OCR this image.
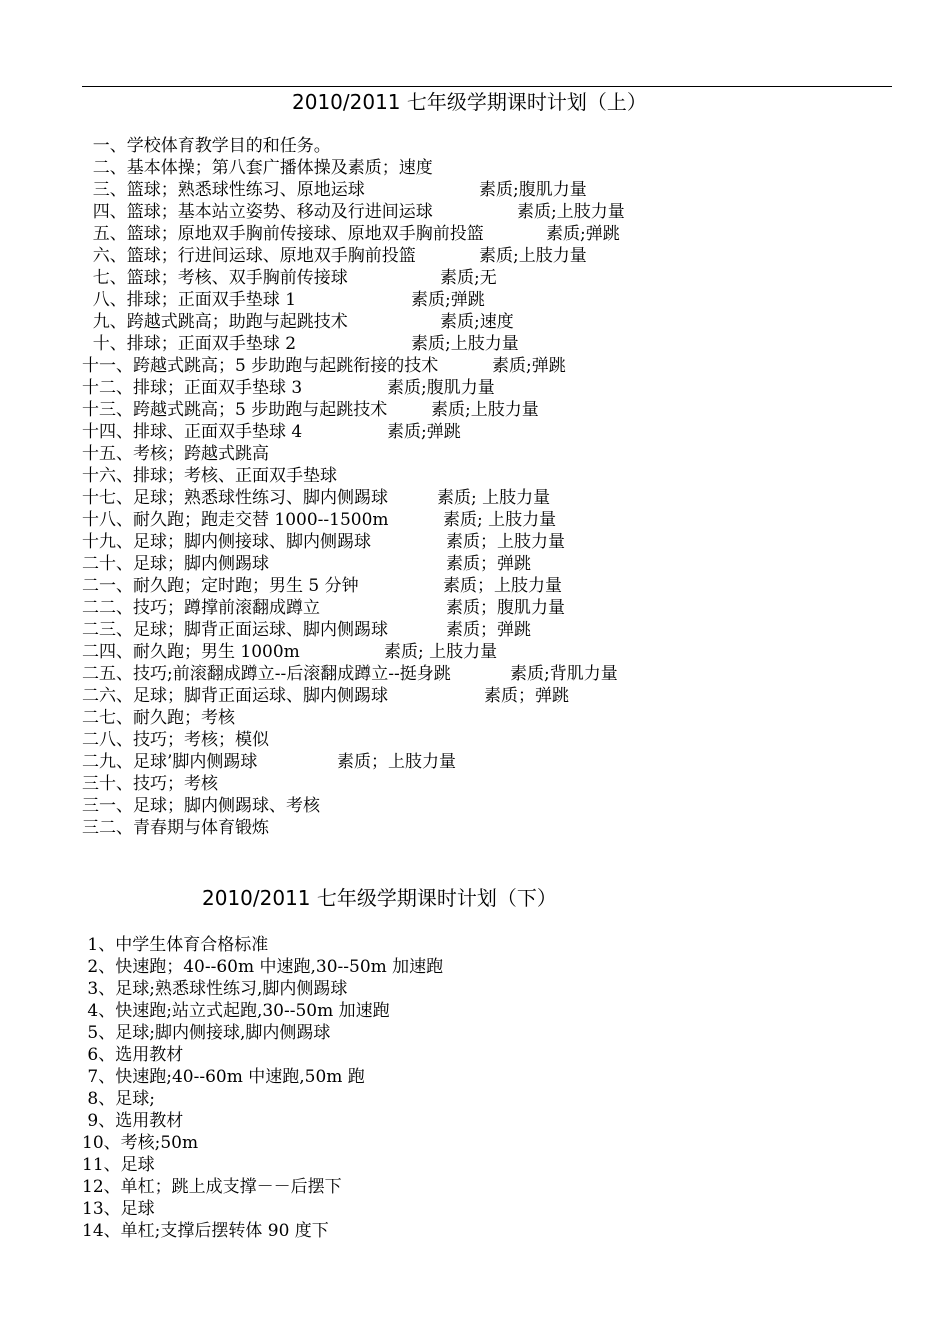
2010/2011 七年级学期课时计划（上）
一、学校体育教学目的和任务。
二、基本体操；第八套广播体操及素质；速度
三、篮球；熟悉球性练习、原地运球	素质;腹肌力量
四、篮球；基本站立姿势、移动及行进间运球	素质;上肢力量
五、篮球；原地双手胸前传接球、原地双手胸前投篮	素质;弹跳
六、篮球；行进间运球、原地双手胸前投篮	素质;上肢力量
七、篮球；考核、双手胸前传接球	素质;无
八、排球；正面双手垫球 1	素质;弹跳
九、跨越式跳高；助跑与起跳技术	素质;速度
十、排球；正面双手垫球 2	素质;上肢力量
十一、跨越式跳高；5 步助跑与起跳衔接的技术	素质;弹跳
十二、排球；正面双手垫球 3	素质;腹肌力量
十三、跨越式跳高；5 步助跑与起跳技术	素质;上肢力量
十四、排球、正面双手垫球 4	素质;弹跳
十五、考核；跨越式跳高
十六、排球；考核、正面双手垫球
十七、足球；熟悉球性练习、脚内侧踢球	素质; 上肢力量
十八、耐久跑；跑走交替 1000--1500m	素质; 上肢力量
十九、足球；脚内侧接球、脚内侧踢球	素质；上肢力量
二十、足球；脚内侧踢球	素质；弹跳
二一、耐久跑；定时跑；男生 5 分钟	素质；上肢力量
二二、技巧；蹲撑前滚翻成蹲立	素质；腹肌力量
二三、足球；脚背正面运球、脚内侧踢球	素质；弹跳
二四、耐久跑；男生 1000m	素质; 上肢力量
二五、技巧;前滚翻成蹲立--后滚翻成蹲立--挺身跳	素质;背肌力量
二六、足球；脚背正面运球、脚内侧踢球	素质；弹跳
二七、耐久跑；考核
二八、技巧；考核；模似
二九、足球’脚内侧踢球	素质；上肢力量
三十、技巧；考核
三一、足球；脚内侧踢球、考核
三二、青春期与体育锻炼
2010/2011 七年级学期课时计划（下）
1、中学生体育合格标准
2、快速跑；40--60m 中速跑,30--50m 加速跑
3、足球;熟悉球性练习,脚内侧踢球
4、快速跑;站立式起跑,30--50m 加速跑
5、足球;脚内侧接球,脚内侧踢球
6、选用教材
7、快速跑;40--60m 中速跑,50m 跑
8、足球;
9、选用教材
10、考核;50m
11、足球
12、单杠；跳上成支撑－－后摆下
13、足球
14、单杠;支撑后摆转体 90 度下
